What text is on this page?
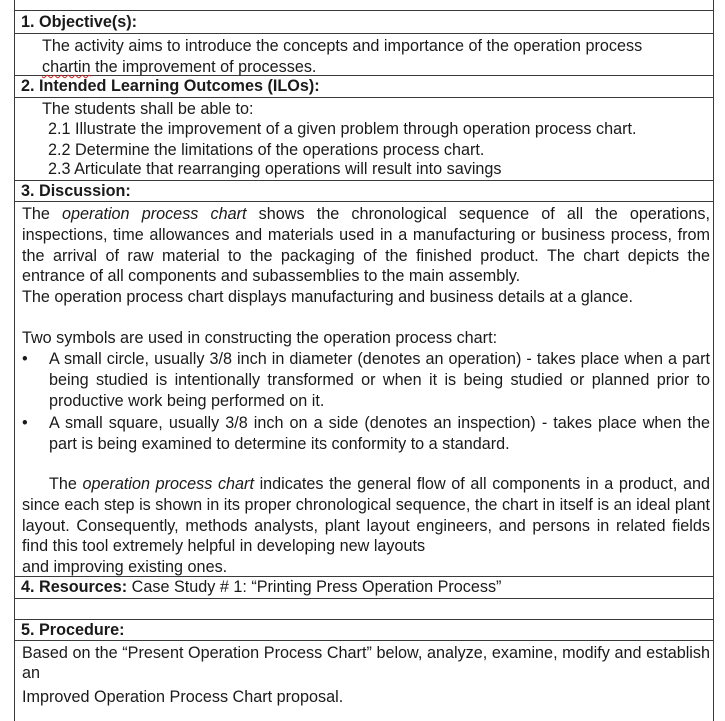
1. Objective(s):
The activity aims to introduce the concepts and importance of the operation process
chartin the improvement of processes.
2. Intended Learning Outcomes (ILOs):
The students shall be able to:
2.1 Illustrate the improvement of a given problem through operation process chart.
2.2 Determine the limitations of the operations process chart.
2.3 Articulate that rearranging operations will result into savings
3. Discussion:

The operation process chart shows the chronological sequence of all the operations, inspections, time allowances and materials used in a manufacturing or business process, from the arrival of raw material to the packaging of the finished product. The chart depicts the entrance of all components and subassemblies to the main assembly.

The operation process chart displays manufacturing and business details at a glance.

Two symbols are used in constructing the operation process chart:
• A small circle, usually 3/8 inch in diameter (denotes an operation) - takes place when a part being studied is intentionally transformed or when it is being studied or planned prior to productive work being performed on it.
• A small square, usually 3/8 inch on a side (denotes an inspection) - takes place when the part is being examined to determine its conformity to a standard.

The operation process chart indicates the general flow of all components in a product, and since each step is shown in its proper chronological sequence, the chart in itself is an ideal plant layout. Consequently, methods analysts, plant layout engineers, and persons in related fields find this tool extremely helpful in developing new layouts

and improving existing ones.
4. Resources: Case Study # 1: “Printing Press Operation Process”
5. Procedure:
Based on the “Present Operation Process Chart” below, analyze, examine, modify and establish an
Improved Operation Process Chart proposal.
